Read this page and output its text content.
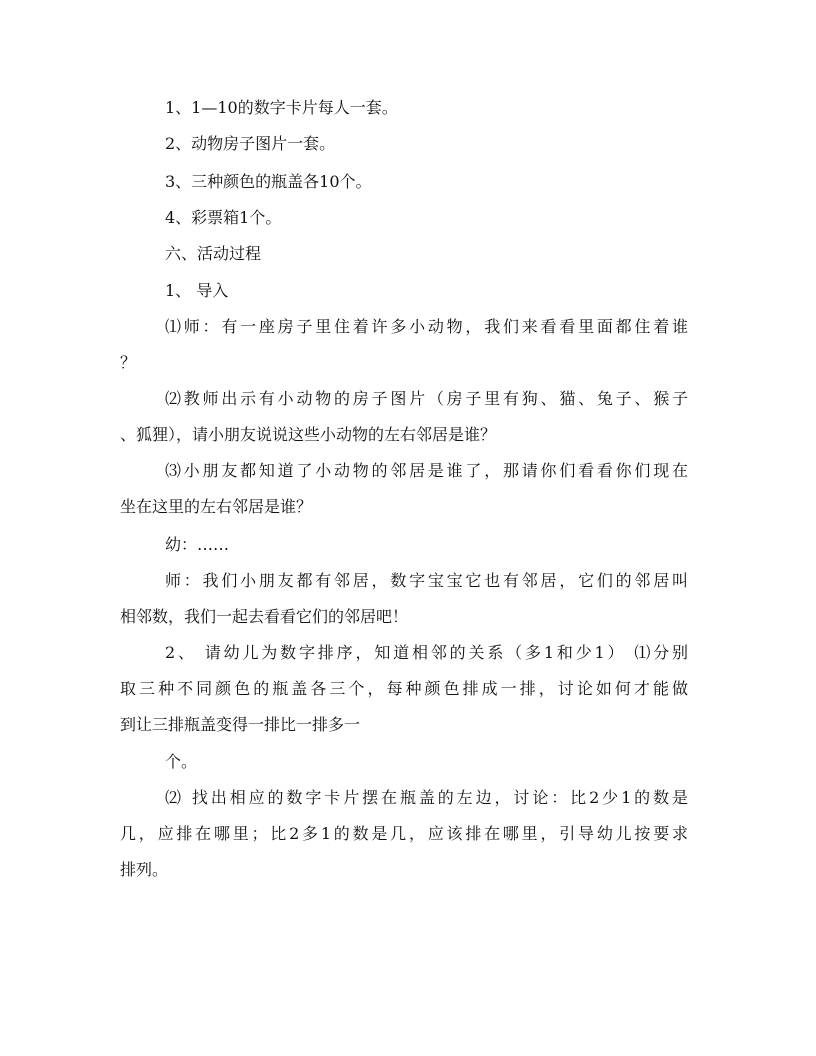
1、1—10的数字卡片每人一套。

2、动物房子图片一套。

3、三种颜色的瓶盖各10个。

4、彩票箱1个。

六、活动过程

1、 导入

⑴师：有一座房子里住着许多小动物，我们来看看里面都住着谁

？

⑵教师出示有小动物的房子图片（房子里有狗、猫、兔子、猴子

、狐狸），请小朋友说说这些小动物的左右邻居是谁？

⑶小朋友都知道了小动物的邻居是谁了，那请你们看看你们现在

坐在这里的左右邻居是谁？

幼：……

师：我们小朋友都有邻居，数字宝宝它也有邻居，它们的邻居叫

相邻数，我们一起去看看它们的邻居吧！

2、 请幼儿为数字排序，知道相邻的关系（多1和少1） ⑴分别

取三种不同颜色的瓶盖各三个，每种颜色排成一排，讨论如何才能做

到让三排瓶盖变得一排比一排多一

个。

⑵ 找出相应的数字卡片摆在瓶盖的左边，讨论：比2少1的数是

几，应排在哪里；比2多1的数是几，应该排在哪里，引导幼儿按要求

排列。
